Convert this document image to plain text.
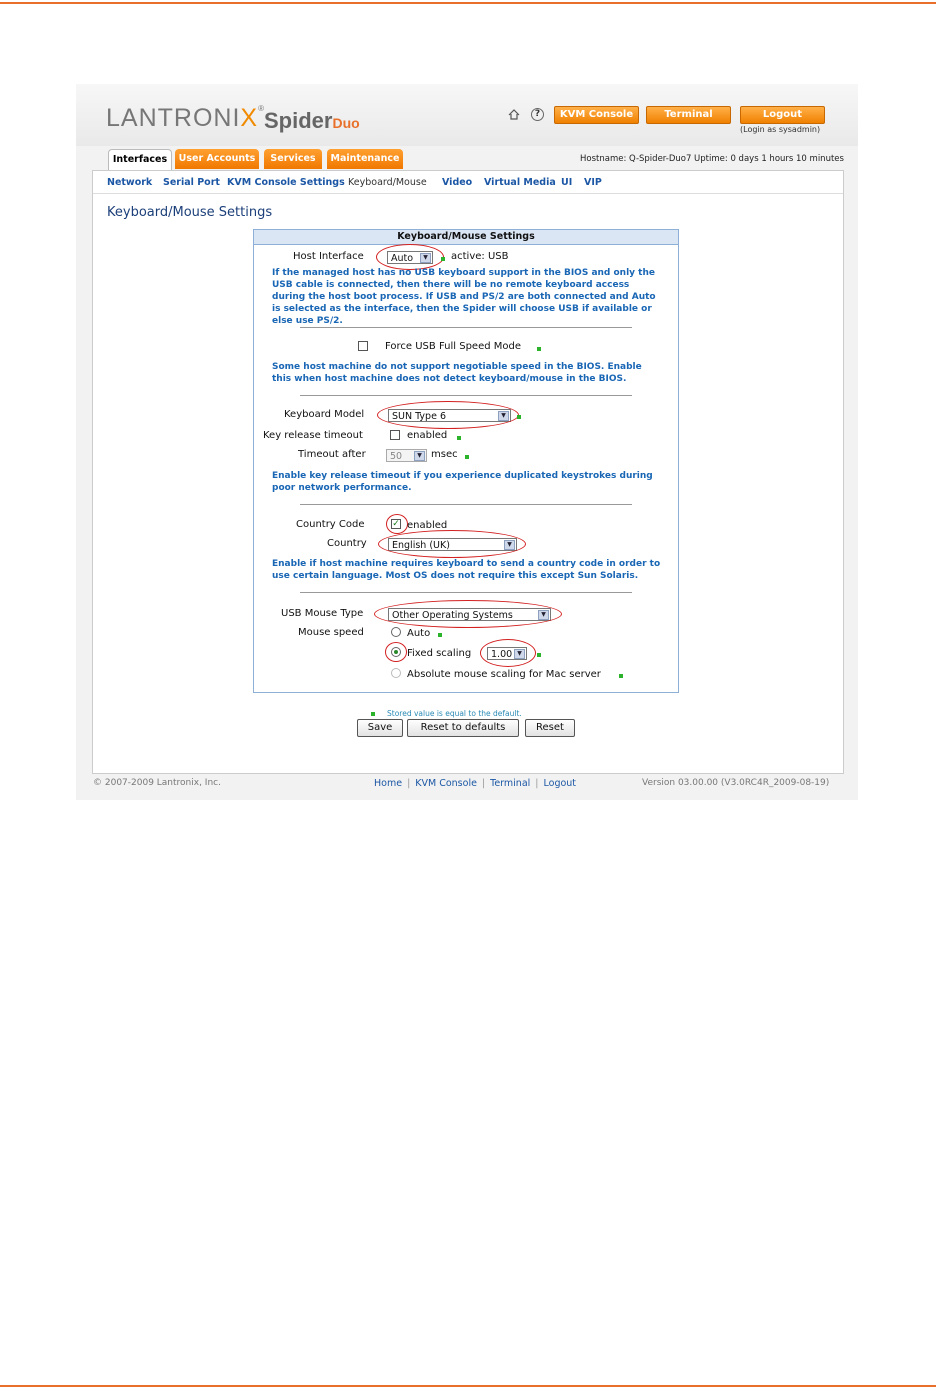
LANTRONIX® SpiderDuo
?	KVM Console	Terminal	Logout
(Login as sysadmin)
Interfaces	User Accounts	Services	Maintenance	Hostname: Q-Spider-Duo7 Uptime: 0 days 1 hours 10 minutes
Network Serial Port KVM Console Settings Keyboard/Mouse Video Virtual Media UI VIP
Keyboard/Mouse Settings
Keyboard/Mouse Settings
Host Interface	Auto	▼	active: USB
If the managed host has no USB keyboard support in the BIOS and only the USB cable is connected, then there will be no remote keyboard access during the host boot process. If USB and PS/2 are both connected and Auto is selected as the interface, then the Spider will choose USB if available or else use PS/2.
Force USB Full Speed Mode
Some host machine do not support negotiable speed in the BIOS. Enable this when host machine does not detect keyboard/mouse in the BIOS.
Keyboard Model	SUN Type 6	▼
Key release timeout	enabled
Timeout after	50	▼ msec
Enable key release timeout if you experience duplicated keystrokes during poor network performance.
Country Code	✓ enabled
Country	English (UK)	▼
Enable if host machine requires keyboard to send a country code in order to use certain language. Most OS does not require this except Sun Solaris.
USB Mouse Type	Other Operating Systems	▼
Mouse speed	Auto
Fixed scaling	1.00 ▼
Absolute mouse scaling for Mac server
Stored value is equal to the default.
Save	Reset to defaults	Reset
© 2007-2009 Lantronix, Inc.	Home | KVM Console | Terminal | Logout	Version 03.00.00 (V3.0RC4R_2009-08-19)
